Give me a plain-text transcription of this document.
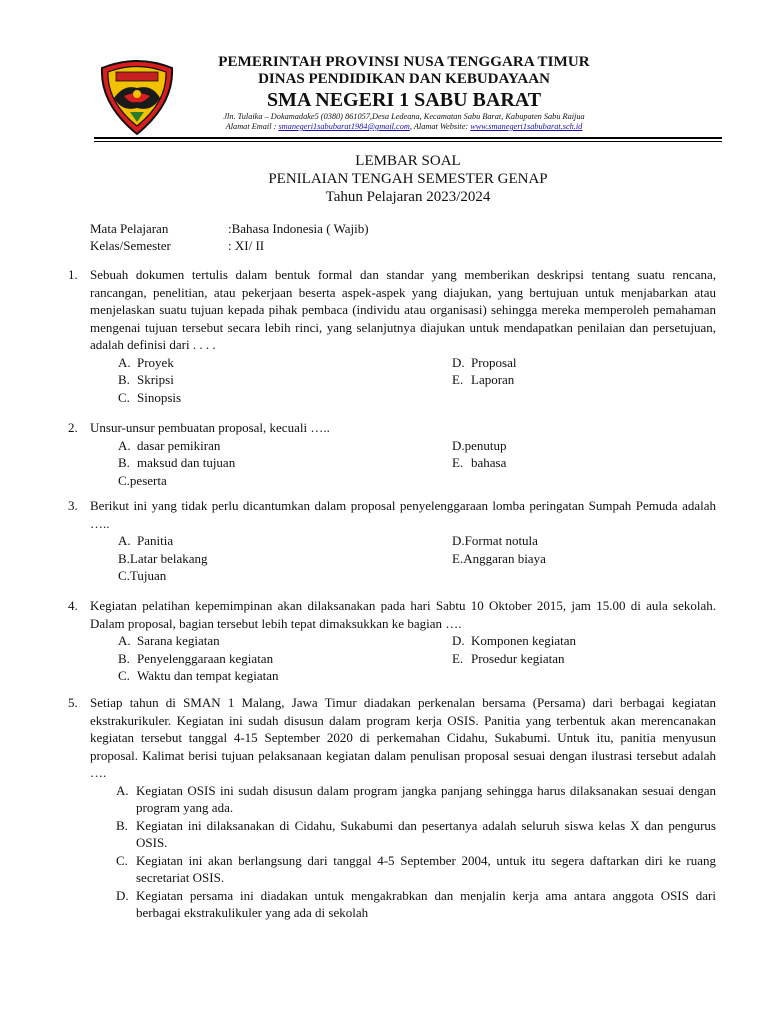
PEMERINTAH PROVINSI NUSA TENGGARA TIMUR
DINAS PENDIDIKAN DAN KEBUDAYAAN
SMA NEGERI 1 SABU BARAT
Jln. Tulaika – Dokamadake5 (0380) 861057,Desa Ledeana, Kecamatan Sabu Barat, Kabupaten Sabu Raijua
Alamat Email : smanegeri1sabubarat1984@gmail.com, Alamat Website: www.smanegeri1sabubarat.sch.id
LEMBAR SOAL
PENILAIAN TENGAH SEMESTER GENAP
Tahun Pelajaran 2023/2024
Mata Pelajaran	:Bahasa Indonesia ( Wajib)
Kelas/Semester	: XI/ II
1. Sebuah dokumen tertulis dalam bentuk formal dan standar yang memberikan deskripsi tentang suatu rencana, rancangan, penelitian, atau pekerjaan beserta aspek-aspek yang diajukan, yang bertujuan untuk menjabarkan atau menjelaskan suatu tujuan kepada pihak pembaca (individu atau organisasi) sehingga mereka memperoleh pemahaman mengenai tujuan tersebut secara lebih rinci, yang selanjutnya diajukan untuk mendapatkan penilaian dan persetujuan, adalah definisi dari . . . .
A. Proyek	D. Proposal
B. Skripsi	E. Laporan
C. Sinopsis
2. Unsur-unsur pembuatan proposal, kecuali …..
A. dasar pemikiran	D.penutup
B. maksud dan tujuan	E. bahasa
C.peserta
3. Berikut ini yang tidak perlu dicantumkan dalam proposal penyelenggaraan lomba peringatan Sumpah Pemuda adalah …..
A. Panitia	D.Format notula
B.Latar belakang	E.Anggaran biaya
C.Tujuan
4. Kegiatan pelatihan kepemimpinan akan dilaksanakan pada hari Sabtu 10 Oktober 2015, jam 15.00 di aula sekolah. Dalam proposal, bagian tersebut lebih tepat dimaksukkan ke bagian ….
A. Sarana kegiatan	D. Komponen kegiatan
B. Penyelenggaraan kegiatan	E. Prosedur kegiatan
C. Waktu dan tempat kegiatan
5. Setiap tahun di SMAN 1 Malang, Jawa Timur diadakan perkenalan bersama (Persama) dari berbagai kegiatan ekstrakurikuler. Kegiatan ini sudah disusun dalam program kerja OSIS. Panitia yang terbentuk akan merencanakan kegiatan tersebut tanggal 4-15 September 2020 di perkemahan Cidahu, Sukabumi. Untuk itu, panitia menyusun proposal. Kalimat berisi tujuan pelaksanaan kegiatan dalam penulisan proposal sesuai dengan ilustrasi tersebut adalah ….
A. Kegiatan OSIS ini sudah disusun dalam program jangka panjang sehingga harus dilaksanakan sesuai dengan program yang ada.
B. Kegiatan ini dilaksanakan di Cidahu, Sukabumi dan pesertanya adalah seluruh siswa kelas X dan pengurus OSIS.
C. Kegiatan ini akan berlangsung dari tanggal 4-5 September 2004, untuk itu segera daftarkan diri ke ruang secretariat OSIS.
D. Kegiatan persama ini diadakan untuk mengakrabkan dan menjalin kerja ama antara anggota OSIS dari berbagai ekstrakulikuler yang ada di sekolah
